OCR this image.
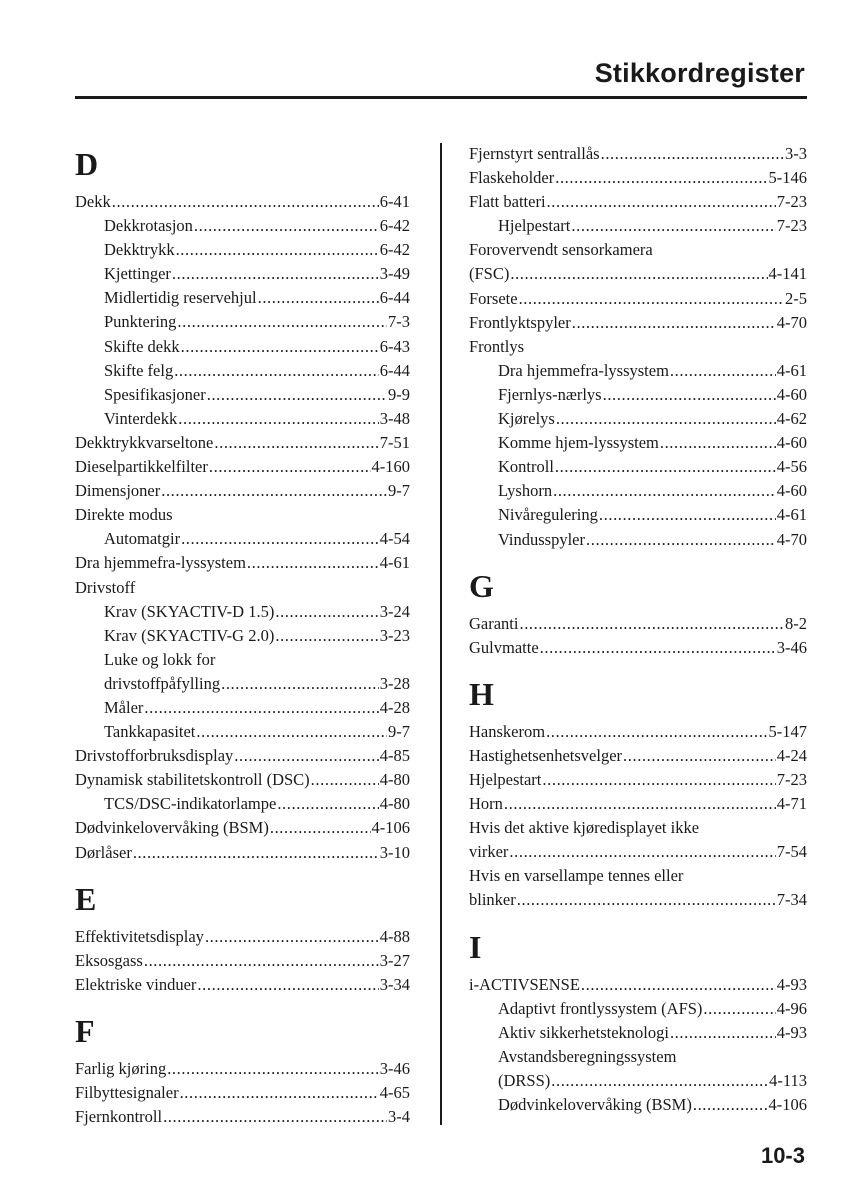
Stikkordregister
D
Dekk .....	6-41
Dekkrotasjon .....	6-42
Dekktrykk .....	6-42
Kjettinger .....	3-49
Midlertidig reservehjul .....	6-44
Punktering .....	7-3
Skifte dekk .....	6-43
Skifte felg .....	6-44
Spesifikasjoner .....	9-9
Vinterdekk .....	3-48
Dekktrykkvarseltone .....	7-51
Dieselpartikkelfilter .....	4-160
Dimensjoner .....	9-7
Direkte modus
Automatgir .....	4-54
Dra hjemmefra-lyssystem .....	4-61
Drivstoff
Krav (SKYACTIV-D 1.5) .....	3-24
Krav (SKYACTIV-G 2.0) .....	3-23
Luke og lokk for
drivstoffpåfylling .....	3-28
Måler .....	4-28
Tankkapasitet .....	9-7
Drivstofforbruksdisplay .....	4-85
Dynamisk stabilitetskontroll (DSC) .....	4-80
TCS/DSC-indikatorlampe .....	4-80
Dødvinkelovervåking (BSM) .....	4-106
Dørlåser .....	3-10
E
Effektivitetsdisplay .....	4-88
Eksosgass .....	3-27
Elektriske vinduer .....	3-34
F
Farlig kjøring .....	3-46
Filbyttesignaler .....	4-65
Fjernkontroll .....	3-4
Fjernstyrt sentrallås .....	3-3
Flaskeholder .....	5-146
Flatt batteri .....	7-23
Hjelpestart .....	7-23
Forovervendt sensorkamera
(FSC) .....	4-141
Forsete .....	2-5
Frontlyktspyler .....	4-70
Frontlys
Dra hjemmefra-lyssystem .....	4-61
Fjernlys-nærlys .....	4-60
Kjørelys .....	4-62
Komme hjem-lyssystem .....	4-60
Kontroll .....	4-56
Lyshorn .....	4-60
Nivåregulering .....	4-61
Vindusspyler .....	4-70
G
Garanti .....	8-2
Gulvmatte .....	3-46
H
Hanskerom .....	5-147
Hastighetsenhetsvelger .....	4-24
Hjelpestart .....	7-23
Horn .....	4-71
Hvis det aktive kjøredisplayet ikke
virker .....	7-54
Hvis en varsellampe tennes eller
blinker .....	7-34
I
i-ACTIVSENSE .....	4-93
Adaptivt frontlyssystem (AFS) .....	4-96
Aktiv sikkerhetsteknologi .....	4-93
Avstandsberegningssystem
(DRSS) .....	4-113
Dødvinkelovervåking (BSM) .....	4-106
10-3
